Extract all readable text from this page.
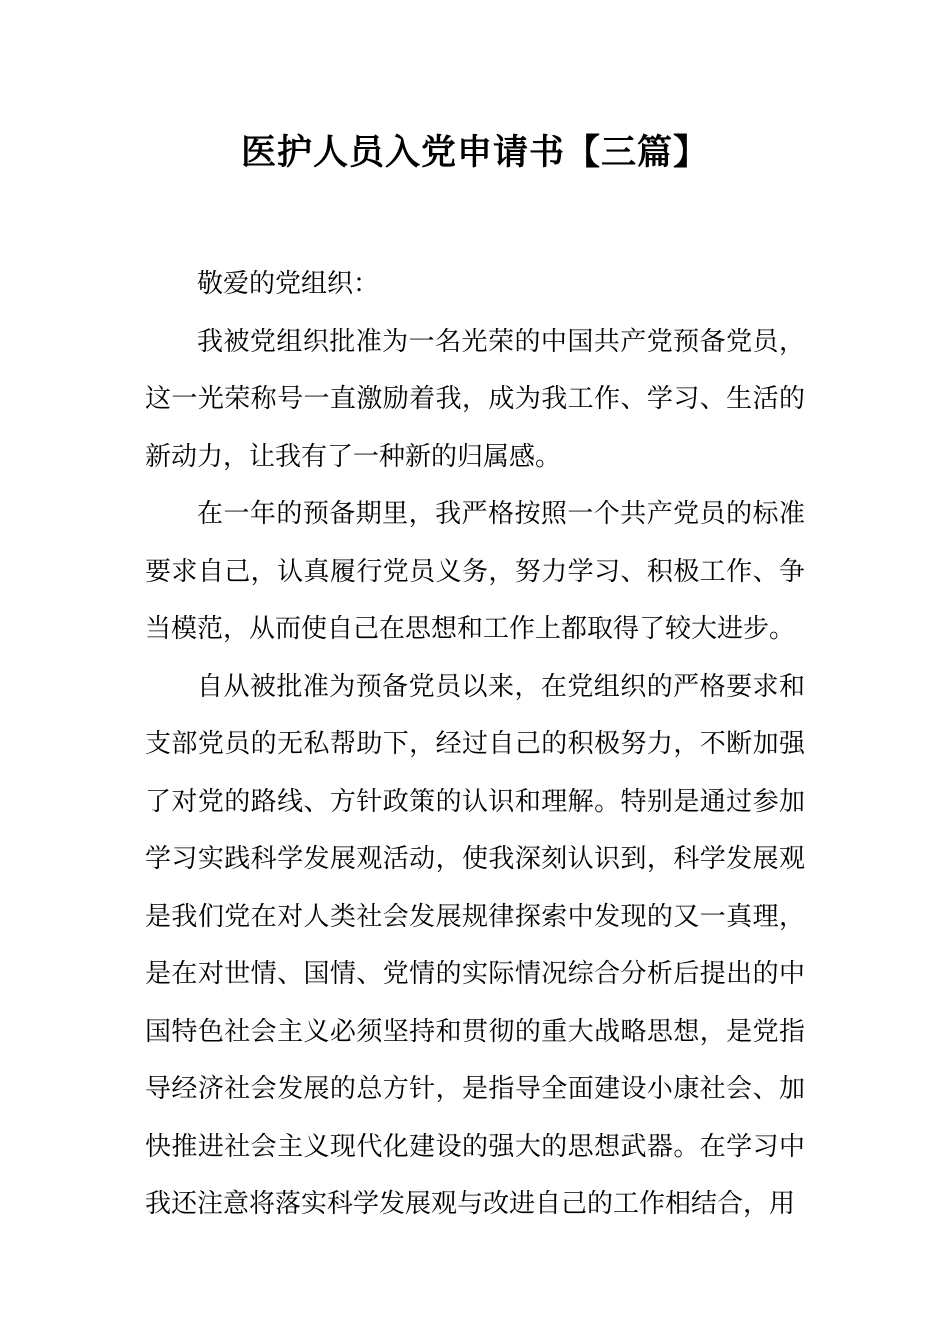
医护人员入党申请书【三篇】

敬爱的党组织：

我被党组织批准为一名光荣的中国共产党预备党员，这一光荣称号一直激励着我，成为我工作、学习、生活的新动力，让我有了一种新的归属感。

在一年的预备期里，我严格按照一个共产党员的标准要求自己，认真履行党员义务，努力学习、积极工作、争当模范，从而使自己在思想和工作上都取得了较大进步。

自从被批准为预备党员以来，在党组织的严格要求和支部党员的无私帮助下，经过自己的积极努力，不断加强了对党的路线、方针政策的认识和理解。特别是通过参加学习实践科学发展观活动，使我深刻认识到，科学发展观是我们党在对人类社会发展规律探索中发现的又一真理，是在对世情、国情、党情的实际情况综合分析后提出的中国特色社会主义必须坚持和贯彻的重大战略思想，是党指导经济社会发展的总方针，是指导全面建设小康社会、加快推进社会主义现代化建设的强大的思想武器。在学习中我还注意将落实科学发展观与改进自己的工作相结合，用
